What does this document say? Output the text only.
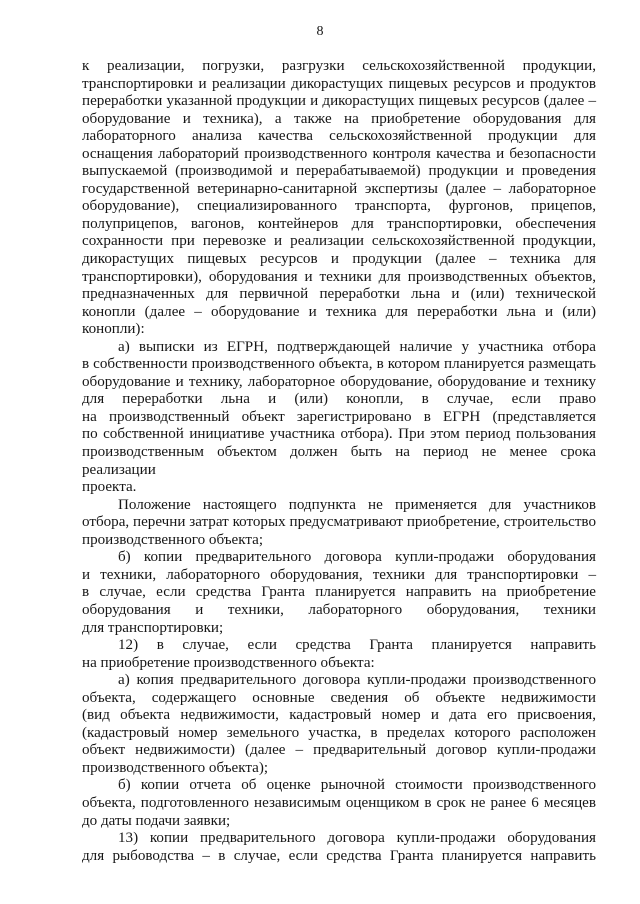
8
к реализации, погрузки, разгрузки сельскохозяйственной продукции,
транспортировки и реализации дикорастущих пищевых ресурсов и продуктов
переработки указанной продукции и дикорастущих пищевых ресурсов (далее –
оборудование и техника), а также на приобретение оборудования для
лабораторного анализа качества сельскохозяйственной продукции для
оснащения лабораторий производственного контроля качества и безопасности
выпускаемой (производимой и перерабатываемой) продукции и проведения
государственной ветеринарно-санитарной экспертизы (далее – лабораторное
оборудование), специализированного транспорта, фургонов, прицепов,
полуприцепов, вагонов, контейнеров для транспортировки, обеспечения
сохранности при перевозке и реализации сельскохозяйственной продукции,
дикорастущих пищевых ресурсов и продукции (далее – техника для
транспортировки), оборудования и техники для производственных объектов,
предназначенных для первичной переработки льна и (или) технической
конопли (далее – оборудование и техника для переработки льна и (или)
конопли):
а) выписки из ЕГРН, подтверждающей наличие у участника отбора
в собственности производственного объекта, в котором планируется размещать
оборудование и технику, лабораторное оборудование, оборудование и технику
для переработки льна и (или) конопли, в случае, если право
на производственный объект зарегистрировано в ЕГРН (представляется
по собственной инициативе участника отбора). При этом период пользования
производственным объектом должен быть на период не менее срока реализации
проекта.
Положение настоящего подпункта не применяется для участников
отбора, перечни затрат которых предусматривают приобретение, строительство
производственного объекта;
б) копии предварительного договора купли-продажи оборудования
и техники, лабораторного оборудования, техники для транспортировки –
в случае, если средства Гранта планируется направить на приобретение
оборудования и техники, лабораторного оборудования, техники
для транспортировки;
12) в случае, если средства Гранта планируется направить
на приобретение производственного объекта:
а) копия предварительного договора купли-продажи производственного
объекта, содержащего основные сведения об объекте недвижимости
(вид объекта недвижимости, кадастровый номер и дата его присвоения,
(кадастровый номер земельного участка, в пределах которого расположен
объект недвижимости) (далее – предварительный договор купли-продажи
производственного объекта);
б) копии отчета об оценке рыночной стоимости производственного
объекта, подготовленного независимым оценщиком в срок не ранее 6 месяцев
до даты подачи заявки;
13) копии предварительного договора купли-продажи оборудования
для рыбоводства – в случае, если средства Гранта планируется направить
